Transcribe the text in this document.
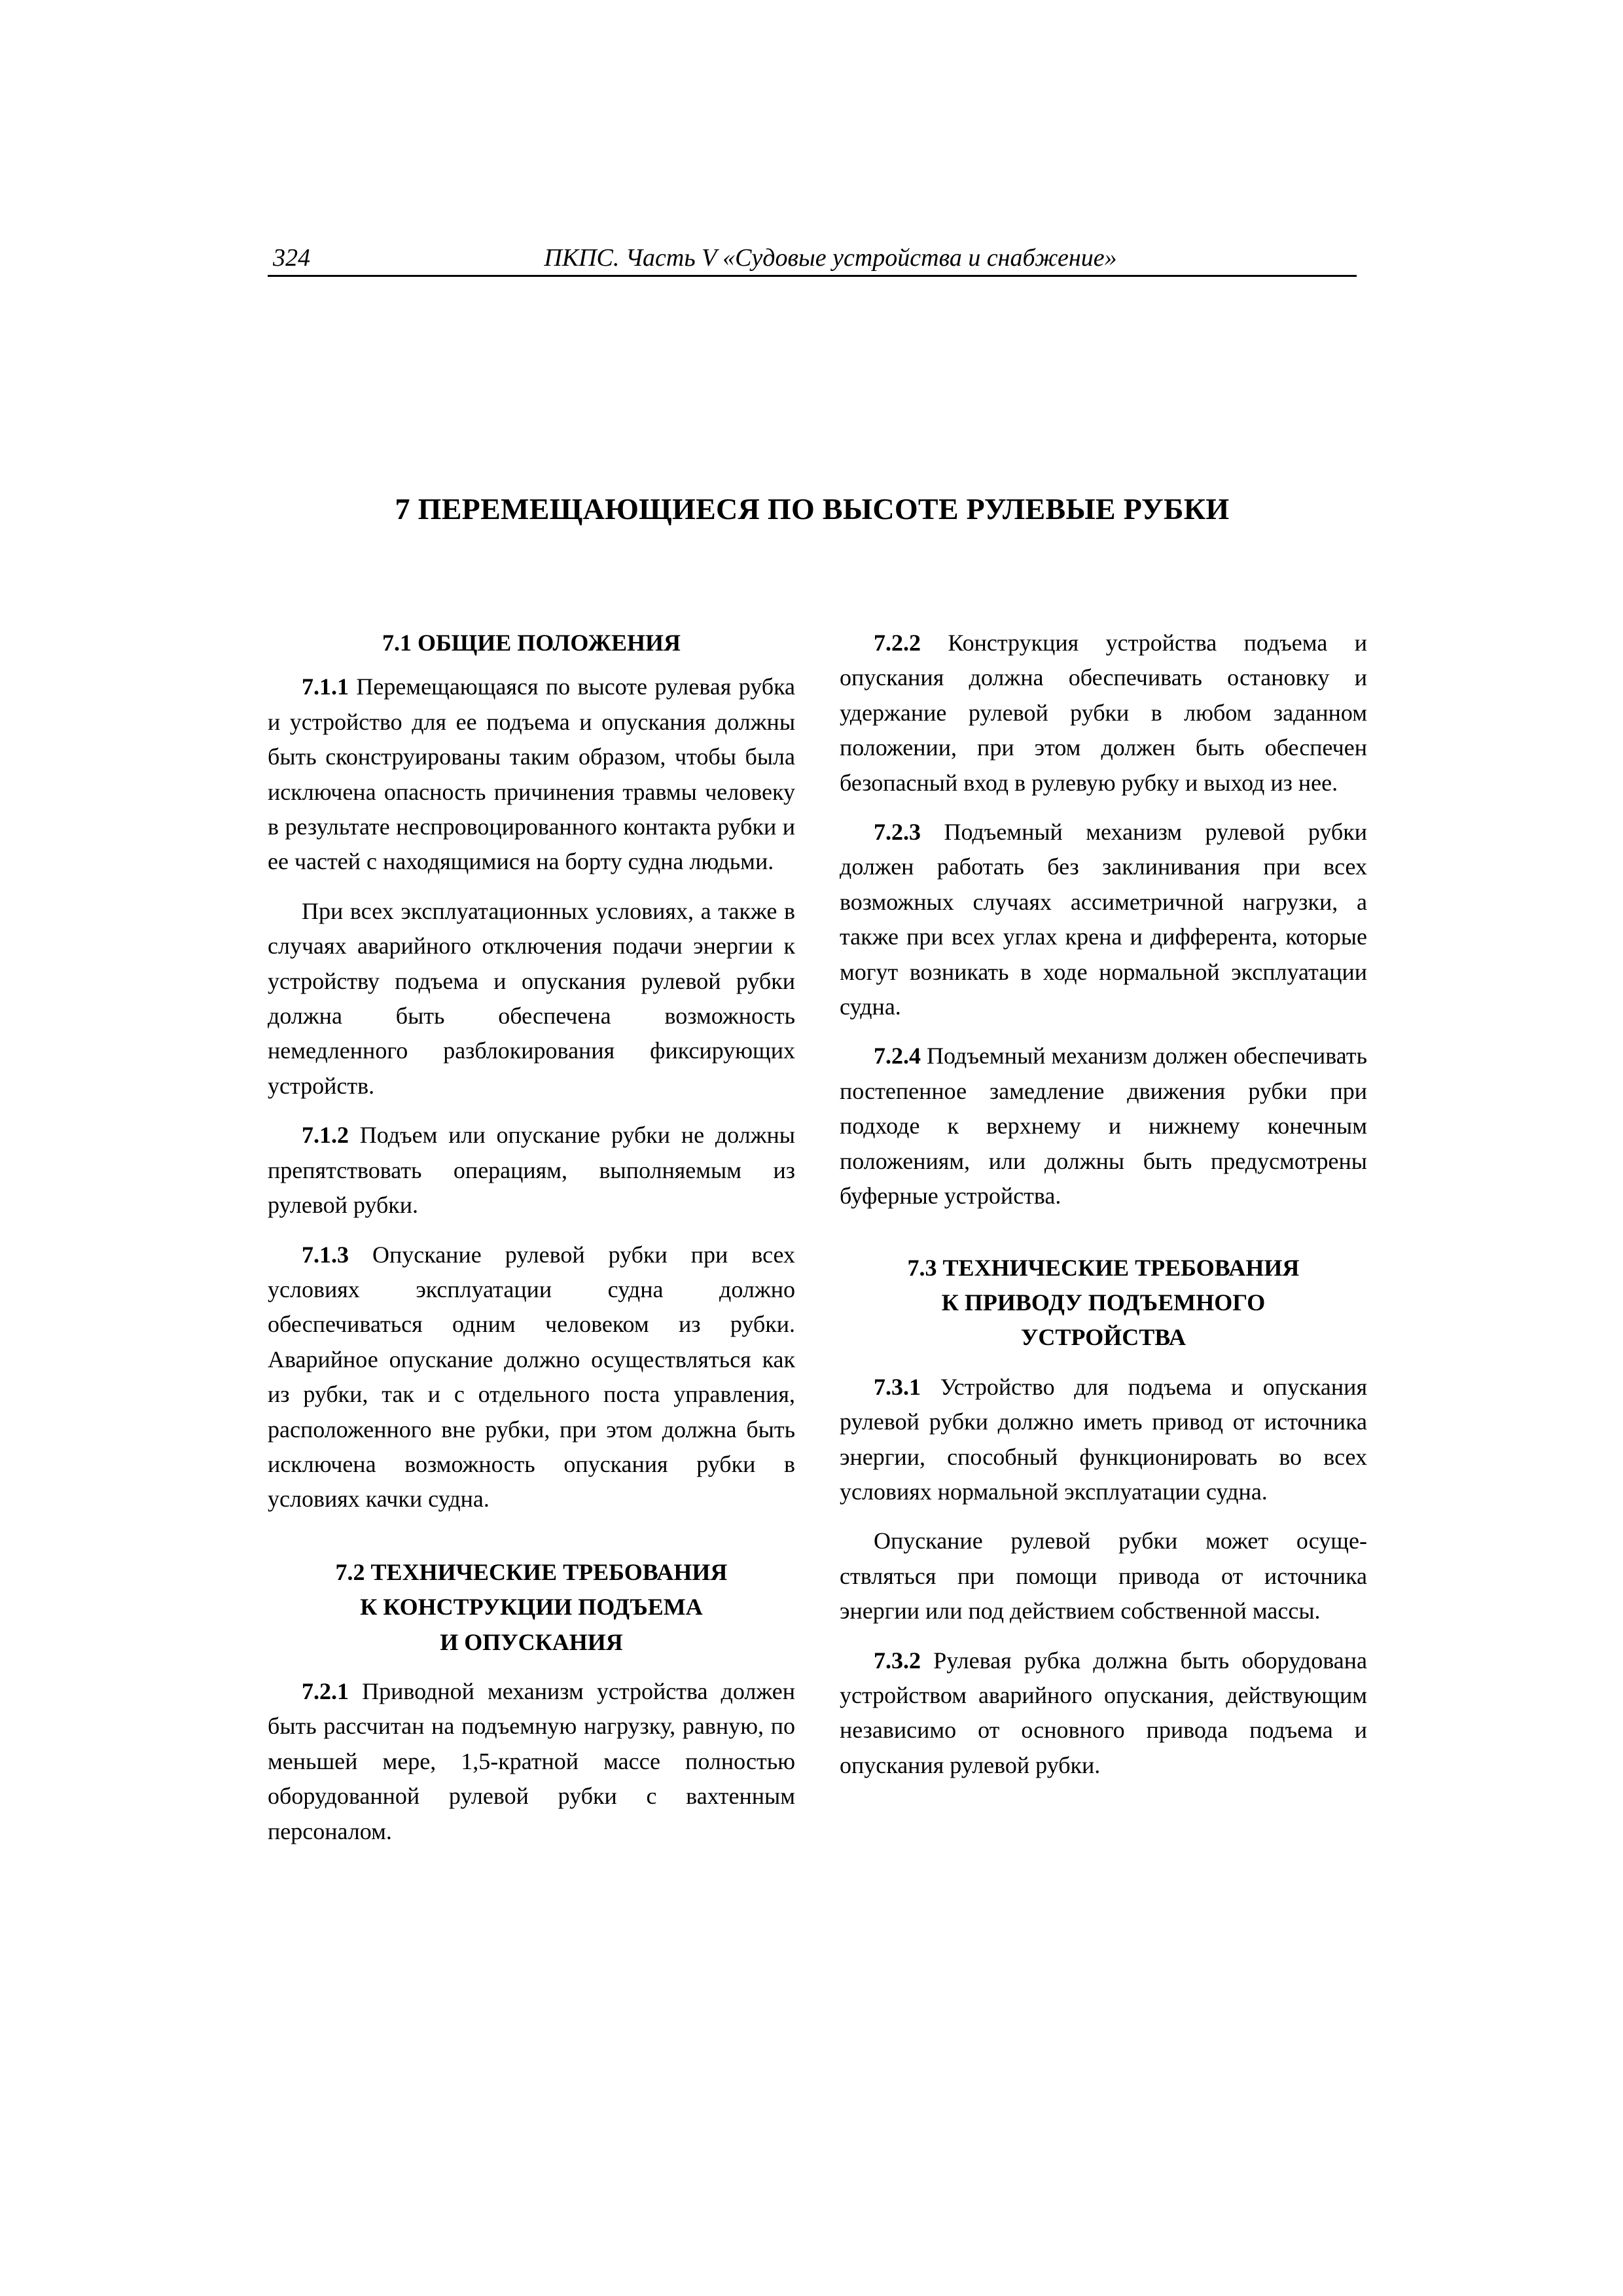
324	ПКПС. Часть V «Судовые устройства и снабжение»
7 ПЕРЕМЕЩАЮЩИЕСЯ ПО ВЫСОТЕ РУЛЕВЫЕ РУБКИ
7.1 ОБЩИЕ ПОЛОЖЕНИЯ

7.1.1 Перемещающаяся по высоте рулевая рубка и устройство для ее подъема и опускания должны быть сконструированы таким образом, чтобы была исключена опасность причинения травмы человеку в результате неспровоцированного контакта рубки и ее частей с находящимися на борту судна людьми.

При всех эксплуатационных условиях, а также в случаях аварийного отключения подачи энергии к устройству подъема и опускания рулевой рубки должна быть обеспечена возможность немедленного разблокирования фиксирующих устройств.

7.1.2 Подъем или опускание рубки не должны препятствовать операциям, выполняемым из рулевой рубки.

7.1.3 Опускание рулевой рубки при всех условиях эксплуатации судна должно обеспечиваться одним человеком из рубки. Аварийное опускание должно осуществляться как из рубки, так и с отдельного поста управления, расположенного вне рубки, при этом должна быть исключена возможность опускания рубки в условиях качки судна.

7.2 ТЕХНИЧЕСКИЕ ТРЕБОВАНИЯ
К КОНСТРУКЦИИ ПОДЪЕМА
И ОПУСКАНИЯ

7.2.1 Приводной механизм устройства должен быть рассчитан на подъемную нагрузку, равную, по меньшей мере, 1,5-кратной массе полностью оборудованной рулевой рубки с вахтенным персоналом.

7.2.2 Конструкция устройства подъема и опускания должна обеспечивать остановку и удержание рулевой рубки в любом заданном положении, при этом должен быть обеспечен безопасный вход в рулевую рубку и выход из нее.

7.2.3 Подъемный механизм рулевой рубки должен работать без заклинивания при всех возможных случаях ассиметричной нагрузки, а также при всех углах крена и дифферента, которые могут возникать в ходе нормальной эксплуатации судна.

7.2.4 Подъемный механизм должен обеспечивать постепенное замедление движения рубки при подходе к верхнему и нижнему конечным положениям, или должны быть предусмотрены буферные устройства.

7.3 ТЕХНИЧЕСКИЕ ТРЕБОВАНИЯ
К ПРИВОДУ ПОДЪЕМНОГО
УСТРОЙСТВА

7.3.1 Устройство для подъема и опускания рулевой рубки должно иметь привод от источника энергии, способный функционировать во всех условиях нормальной эксплуатации судна.

Опускание рулевой рубки может осуществляться при помощи привода от источника энергии или под действием собственной массы.

7.3.2 Рулевая рубка должна быть оборудована устройством аварийного опускания, действующим независимо от основного привода подъема и опускания рулевой рубки.
